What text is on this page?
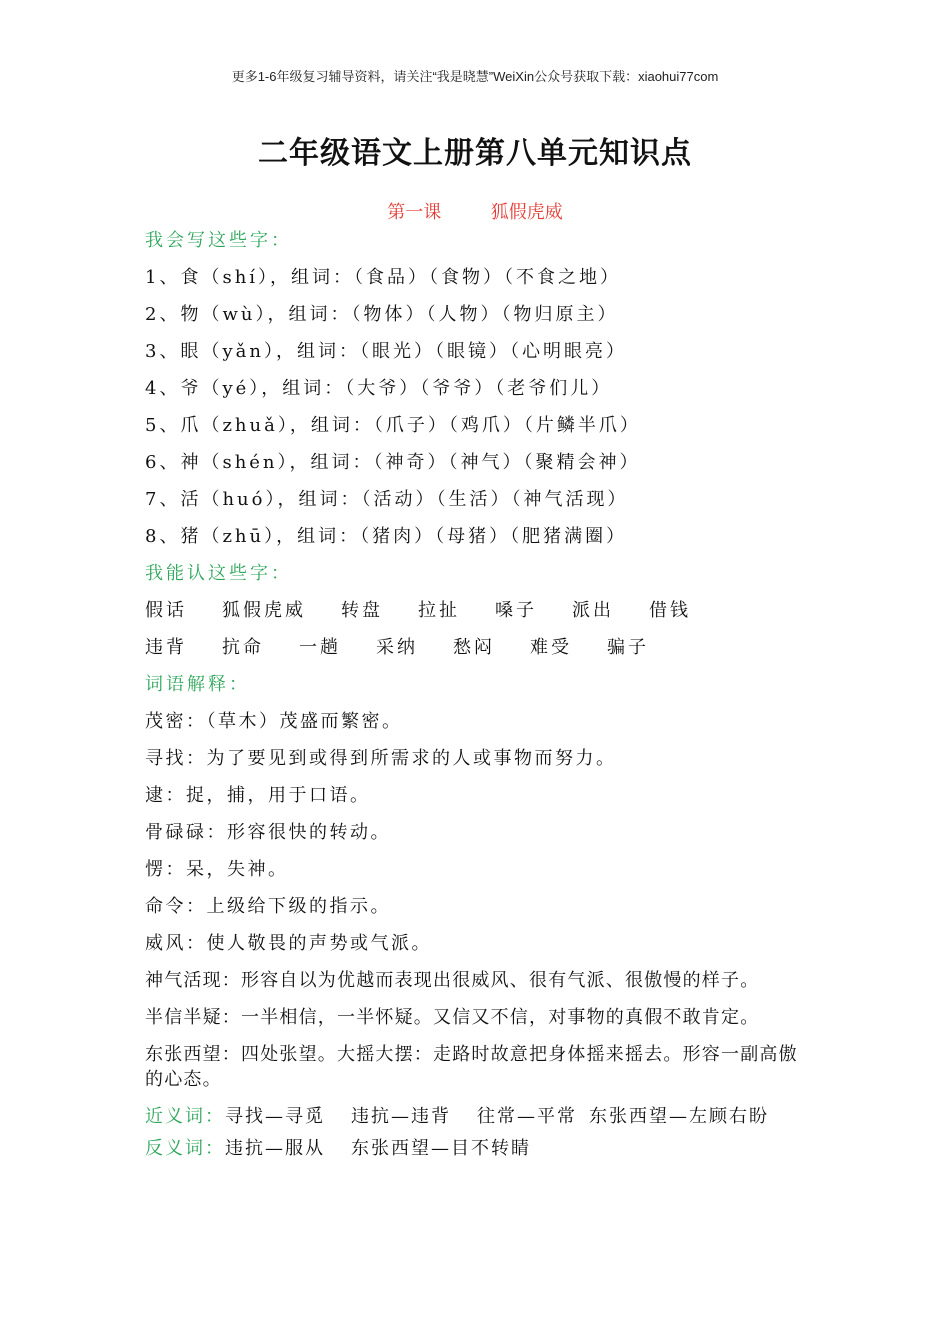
更多1-6年级复习辅导资料，请关注“我是晓慧”WeiXin公众号获取下载：xiaohui77com
二年级语文上册第八单元知识点
第一课	狐假虎威
我会写这些字：
1、食（shí），组词：（食品）（食物）（不食之地）
2、物（wù），组词：（物体）（人物）（物归原主）
3、眼（yǎn），组词：（眼光）（眼镜）（心明眼亮）
4、爷（yé），组词：（大爷）（爷爷）（老爷们儿）
5、爪（zhuǎ），组词：（爪子）（鸡爪）（片鳞半爪）
6、神（shén），组词：（神奇）（神气）（聚精会神）
7、活（huó），组词：（活动）（生活）（神气活现）
8、猪（zhū），组词：（猪肉）（母猪）（肥猪满圈）
我能认这些字：
假话	狐假虎威	转盘	拉扯	嗓子	派出	借钱
违背	抗命	一趟	采纳	愁闷	难受	骗子
词语解释：
茂密：（草木）茂盛而繁密。
寻找：为了要见到或得到所需求的人或事物而努力。
逮：捉，捕，用于口语。
骨碌碌：形容很快的转动。
愣：呆，失神。
命令：上级给下级的指示。
威风：使人敬畏的声势或气派。
神气活现：形容自以为优越而表现出很威风、很有气派、很傲慢的样子。
半信半疑：一半相信，一半怀疑。又信又不信，对事物的真假不敢肯定。
东张西望：四处张望。大摇大摆：走路时故意把身体摇来摇去。形容一副高傲的心态。
近义词：寻找—寻觅 违抗—违背 往常—平常 东张西望—左顾右盼
反义词：违抗—服从 东张西望—目不转睛
